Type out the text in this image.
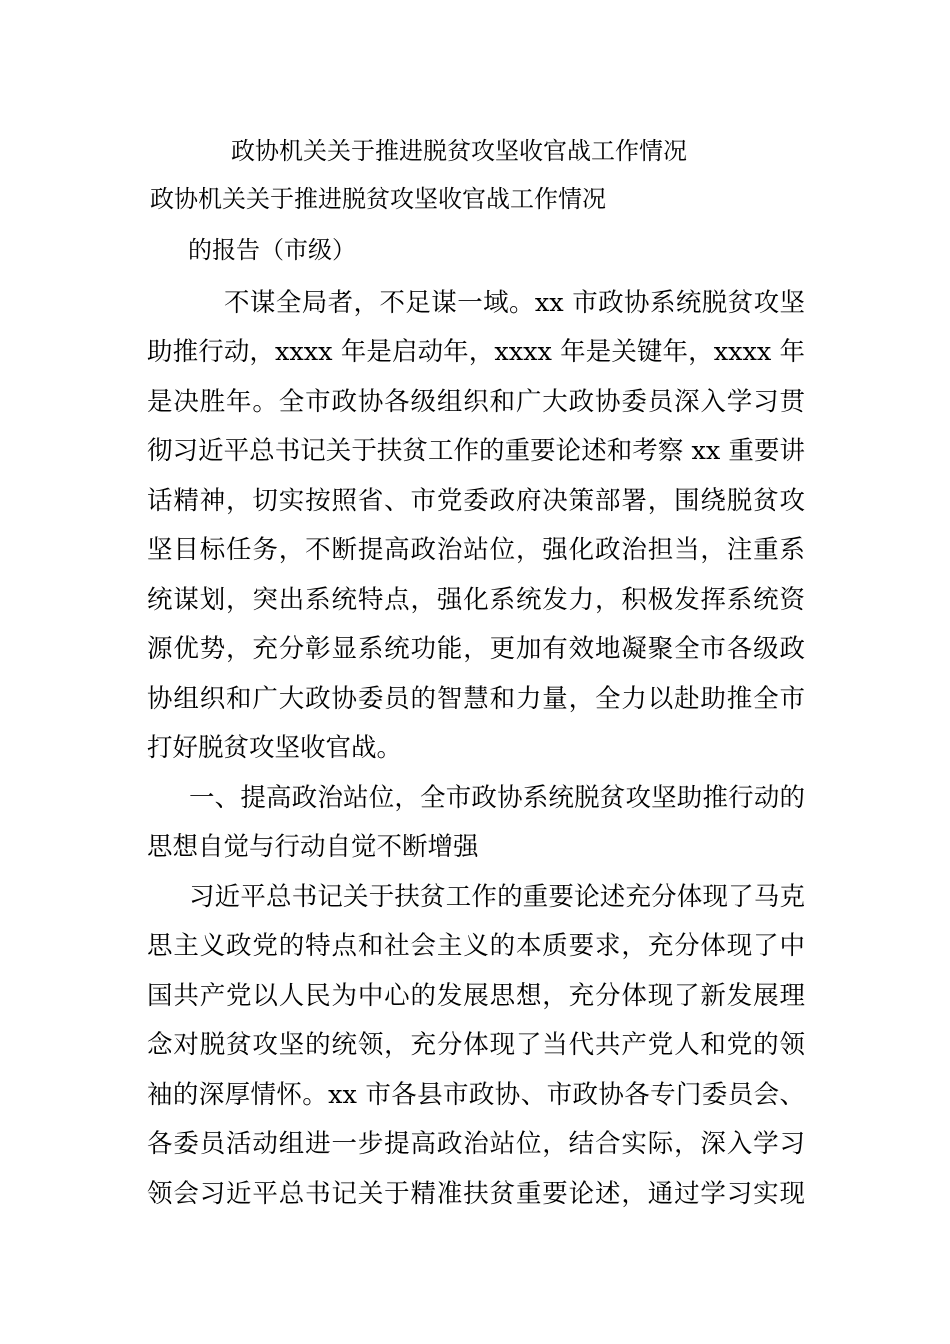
政协机关关于推进脱贫攻坚收官战工作情况
政协机关关于推进脱贫攻坚收官战工作情况
的报告（市级）
不谋全局者，不足谋一域。xx 市政协系统脱贫攻坚
助推行动，xxxx 年是启动年，xxxx 年是关键年，xxxx 年
是决胜年。全市政协各级组织和广大政协委员深入学习贯
彻习近平总书记关于扶贫工作的重要论述和考察 xx 重要讲
话精神，切实按照省、市党委政府决策部署，围绕脱贫攻
坚目标任务，不断提高政治站位，强化政治担当，注重系
统谋划，突出系统特点，强化系统发力，积极发挥系统资
源优势，充分彰显系统功能，更加有效地凝聚全市各级政
协组织和广大政协委员的智慧和力量，全力以赴助推全市
打好脱贫攻坚收官战。
一、提高政治站位，全市政协系统脱贫攻坚助推行动的
思想自觉与行动自觉不断增强
习近平总书记关于扶贫工作的重要论述充分体现了马克
思主义政党的特点和社会主义的本质要求，充分体现了中
国共产党以人民为中心的发展思想，充分体现了新发展理
念对脱贫攻坚的统领，充分体现了当代共产党人和党的领
袖的深厚情怀。xx 市各县市政协、市政协各专门委员会、
各委员活动组进一步提高政治站位，结合实际，深入学习
领会习近平总书记关于精准扶贫重要论述，通过学习实现
